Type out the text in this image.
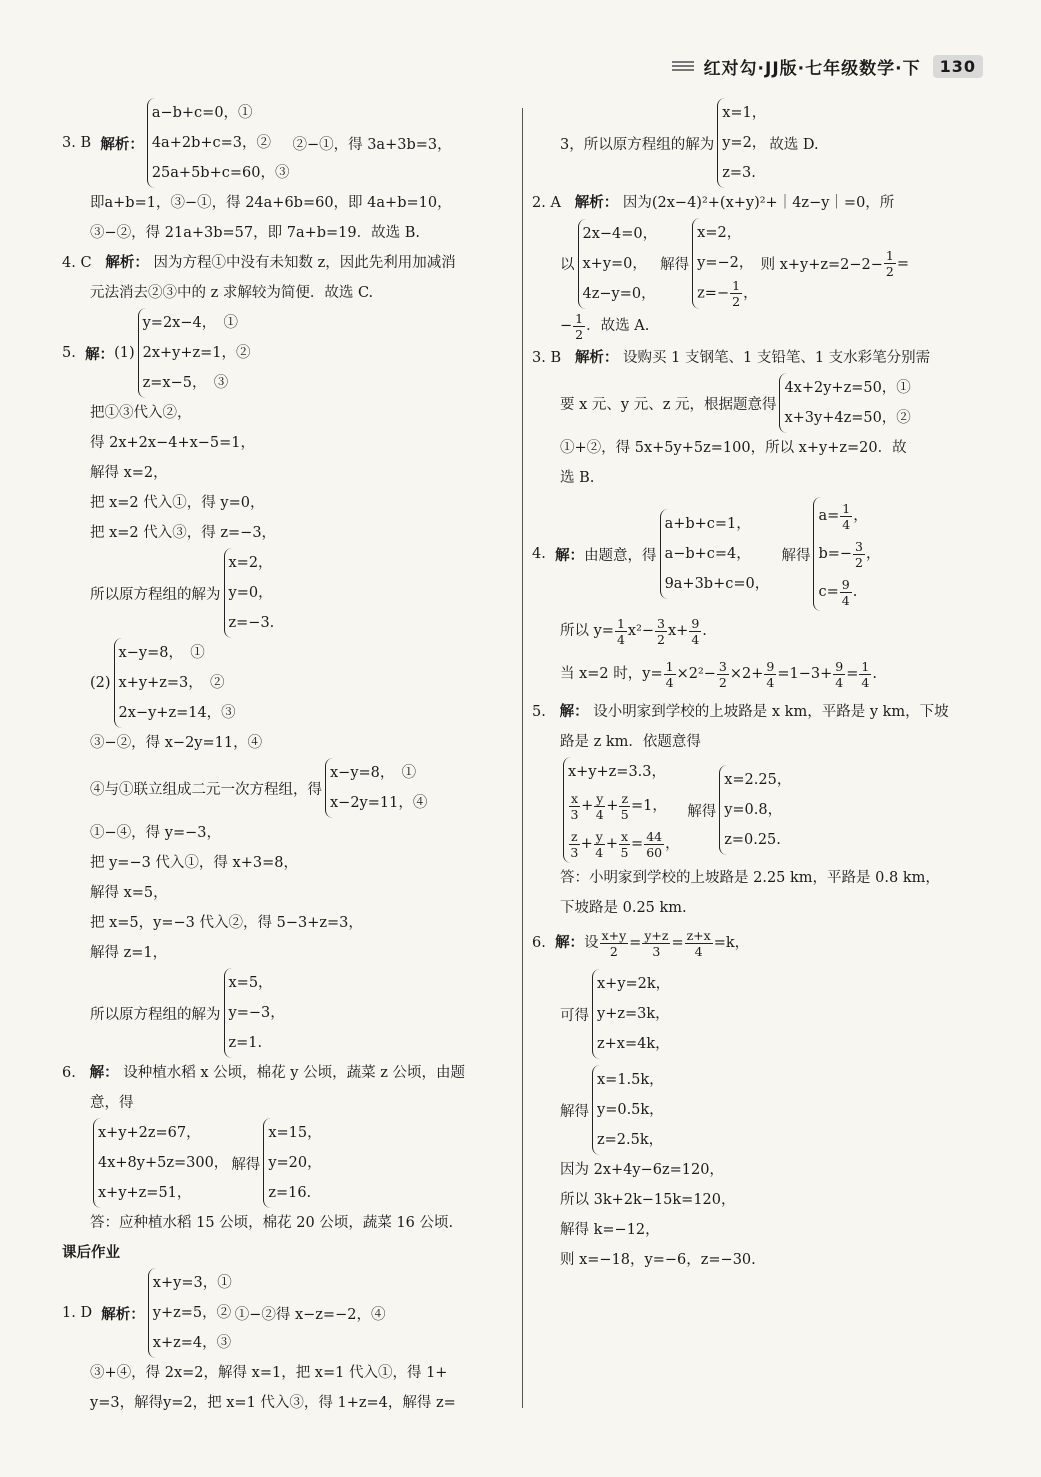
红对勾·JJ版·七年级数学·下	130
3. B
解析：
a−b+c=0，①
4a+2b+c=3，②
25a+5b+c=60，③
②−①，得 3a+3b=3，
即a+b=1，③−①，得 24a+6b=60，即 4a+b=10，
③−②，得 21a+3b=57，即 7a+b=19．故选 B.
4. C 解析： 因为方程①中没有未知数 z，因此先利用加减消
元法消去②③中的 z 求解较为简便．故选 C.
5.
解： (1)
y=2x−4，　①
2x+y+z=1，②
z=x−5，　③
把①③代入②，
得 2x+2x−4+x−5=1，
解得 x=2，
把 x=2 代入①，得 y=0，
把 x=2 代入③，得 z=−3，
所以原方程组的解为
x=2，
y=0，
z=−3.
(2)
x−y=8，　①
x+y+z=3，　②
2x−y+z=14，③
③−②，得 x−2y=11，④
④与①联立组成二元一次方程组，得
x−y=8，　①
x−2y=11，④
①−④，得 y=−3，
把 y=−3 代入①，得 x+3=8，
解得 x=5，
把 x=5，y=−3 代入②，得 5−3+z=3，
解得 z=1，
所以原方程组的解为
x=5，
y=−3，
z=1.
6. 解： 设种植水稻 x 公顷，棉花 y 公顷，蔬菜 z 公顷，由题
意，得
x+y+2z=67，
4x+8y+5z=300，
x+y+z=51，
解得
x=15，
y=20，
z=16.
答：应种植水稻 15 公顷，棉花 20 公顷，蔬菜 16 公顷.
课后作业
1. D
解析：
x+y=3，①
y+z=5，②
x+z=4，③
①−②得 x−z=−2，④
③+④，得 2x=2，解得 x=1，把 x=1 代入①，得 1+
y=3，解得y=2，把 x=1 代入③，得 1+z=4，解得 z=
3，所以原方程组的解为
x=1，
y=2，
z=3.
故选 D.
2. A 解析： 因为(2x−4)²+(x+y)²+｜4z−y｜=0，所
以
2x−4=0，
x+y=0，
4z−y=0，
解得
x=2，
y=−2，
$z=- \frac{1}{2}$ ，
则 $x+y+z=2-2- \frac{1}{2}$ =
− $\frac{1}{2}$ ．故选 A.
3. B 解析： 设购买 1 支钢笔、1 支铅笔、1 支水彩笔分别需
要 x 元、y 元、z 元，根据题意得
4x+2y+z=50，①
x+3y+4z=50，②
①+②，得 5x+5y+5z=100，所以 x+y+z=20．故
选 B.
4.
解： 由题意，得
a+b+c=1，
a−b+c=4，
9a+3b+c=0，

解得
$a= \frac{1}{4}$ ，
$b=- \frac{3}{2}$ ，
$c= \frac{9}{4}$ .
所以 $y= \frac{1}{4} x^2- \frac{3}{2} x+ \frac{9}{4}$ .
当 x=2 时，$y= \frac{1}{4} \times 2^2- \frac{3}{2} \times 2+ \frac{9}{4} =1-3+ \frac{9}{4} = \frac{1}{4}$ .
5. 解： 设小明家到学校的上坡路是 x km，平路是 y km，下坡
路是 z km．依题意得
x+y+z=3.3，
$\frac{x}{3} + \frac{y}{4} + \frac{z}{5} =1$，
$\frac{z}{3} + \frac{y}{4} + \frac{x}{5} = \frac{44}{60}$ ，

解得
x=2.25，
y=0.8，
z=0.25.
答：小明家到学校的上坡路是 2.25 km，平路是 0.8 km，
下坡路是 0.25 km.
6.
解： 设 $\frac{x+y}{2} = \frac{y+z}{3} = \frac{z+x}{4} =k$，
可得
x+y=2k，
y+z=3k，
z+x=4k，
解得
x=1.5k，
y=0.5k，
z=2.5k，
因为 2x+4y−6z=120，
所以 3k+2k−15k=120，
解得 k=−12，
则 x=−18，y=−6，z=−30.
